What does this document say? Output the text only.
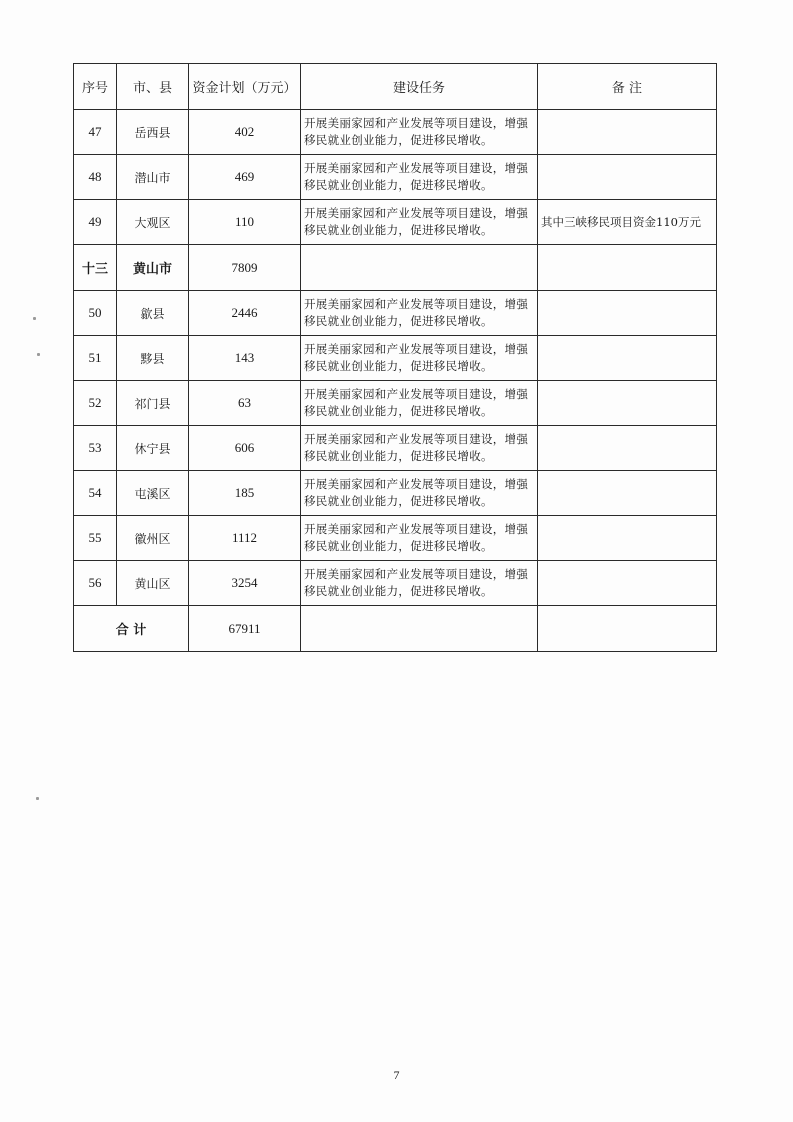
序号	市、县	资金计划（万元）	建设任务	备 注
47	岳西县	402	开展美丽家园和产业发展等项目建设，增强移民就业创业能力，促进移民增收。	
48	潜山市	469	开展美丽家园和产业发展等项目建设，增强移民就业创业能力，促进移民增收。	
49	大观区	110	开展美丽家园和产业发展等项目建设，增强移民就业创业能力，促进移民增收。	其中三峡移民项目资金110万元
十三	黄山市	7809		
50	歙县	2446	开展美丽家园和产业发展等项目建设，增强移民就业创业能力，促进移民增收。	
51	黟县	143	开展美丽家园和产业发展等项目建设，增强移民就业创业能力，促进移民增收。	
52	祁门县	63	开展美丽家园和产业发展等项目建设，增强移民就业创业能力，促进移民增收。	
53	休宁县	606	开展美丽家园和产业发展等项目建设，增强移民就业创业能力，促进移民增收。	
54	屯溪区	185	开展美丽家园和产业发展等项目建设，增强移民就业创业能力，促进移民增收。	
55	徽州区	1112	开展美丽家园和产业发展等项目建设，增强移民就业创业能力，促进移民增收。	
56	黄山区	3254	开展美丽家园和产业发展等项目建设，增强移民就业创业能力，促进移民增收。	
合 计		67911		
7
